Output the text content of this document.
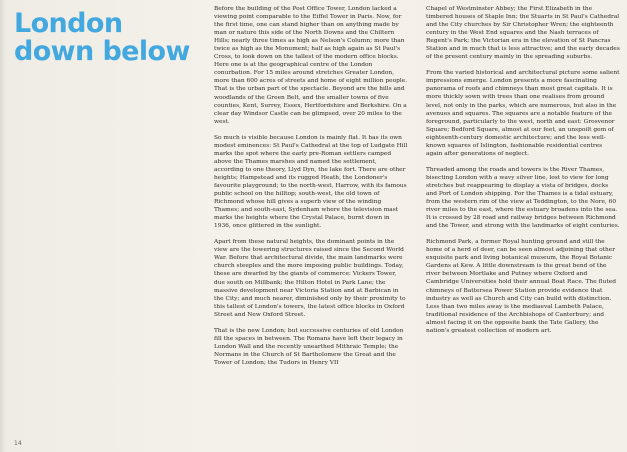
London down below

Before the building of the Post Office Tower, London lacked a viewing point comparable to the Eiffel Tower in Paris. Now, for the first time, one can stand higher than on anything made by man or nature this side of the North Downs and the Chiltern Hills; nearly three times as high as Nelson's Column; more than twice as high as the Monument; half as high again as St Paul's Cross, to look down on the tallest of the modern office blocks. Here one is at the geographical centre of the London conurbation. For 15 miles around stretches Greater London, more than 600 acres of streets and home of eight million people. That is the urban part of the spectacle. Beyond are the hills and woodlands of the Green Belt, and the smaller towns of five counties, Kent, Surrey, Essex, Hertfordshire and Berkshire. On a clear day Windsor Castle can be glimpsed, over 20 miles to the west.

So much is visible because London is mainly flat. It has its own modest eminences: St Paul's Cathedral at the top of Ludgate Hill marks the spot where the early pre-Roman settlers camped above the Thames marshes and named the settlement, according to one theory, Llyd Dyn, the lake fort. There are other heights; Hampstead and its rugged Heath, the Londoner's favourite playground; to the north-west, Harrow, with its famous public school on the hilltop; south-west, the old town of Richmond whose hill gives a superb view of the winding Thames; and south-east, Sydenham where the television mast marks the heights where the Crystal Palace, burnt down in 1936, once glittered in the sunlight.

Apart from these natural heights, the dominant points in the view are the towering structures raised since the Second World War. Before that architectural divide, the main landmarks were church steeples and the more imposing public buildings. Today, these are dwarfed by the giants of commerce: Vickers Tower, due south on Millbank; the Hilton Hotel in Park Lane; the massive development near Victoria Station and at Barbican in the City; and much nearer, diminished only by their proximity to this tallest of London's towers, the latest office blocks in Oxford Street and New Oxford Street.

That is the new London; but successive centuries of old London fill the spaces in between. The Romans have left their legacy in London Wall and the recently unearthed Mithraic Temple; the Normans in the Church of St Bartholomew the Great and the Tower of London; the Tudors in Henry VII

Chapel of Westminster Abbey; the First Elizabeth in the timbered houses of Staple Inn; the Stuarts in St Paul's Cathedral and the City churches by Sir Christopher Wren; the eighteenth century in the West End squares and the Nash terraces of Regent's Park; the Victorian era in the elevation of St Pancras Station and in much that is less attractive; and the early decades of the present century mainly in the spreading suburbs.

From the varied historical and architectural picture some salient impressions emerge. London presents a more fascinating panorama of roofs and chimneys than most great capitals. It is more thickly sown with trees than one realises from ground level, not only in the parks, which are numerous, but also in the avenues and squares. The squares are a notable feature of the foreground, particularly to the west, north and east: Grosvenor Square; Bedford Square, almost at our feet, an unspoilt gem of eighteenth-century domestic architecture; and the less well-known squares of Islington, fashionable residential centres again after generations of neglect.

Threaded among the roads and towers is the River Thames, bisecting London with a wavy silver line, lost to view for long stretches but reappearing to display a vista of bridges, docks and Port of London shipping. For the Thames is a tidal estuary, from the western rim of the view at Teddington, to the Nore, 60 river miles to the east, where the estuary broadens into the sea. It is crossed by 28 road and railway bridges between Richmond and the Tower, and strong with the landmarks of eight centuries.

Richmond Park, a former Royal hunting ground and still the home of a herd of deer, can be seen almost adjoining that other exquisite park and living botanical museum, the Royal Botanic Gardens at Kew. A little downstream is the great bend of the river between Mortlake and Putney where Oxford and Cambridge Universities hold their annual Boat Race. The fluted chimneys of Battersea Power Station provide evidence that industry as well as Church and City can build with distinction. Less than two miles away is the mediaeval Lambeth Palace, traditional residence of the Archbishops of Canterbury; and almost facing it on the opposite bank the Tate Gallery, the nation's greatest collection of modern art.

14
